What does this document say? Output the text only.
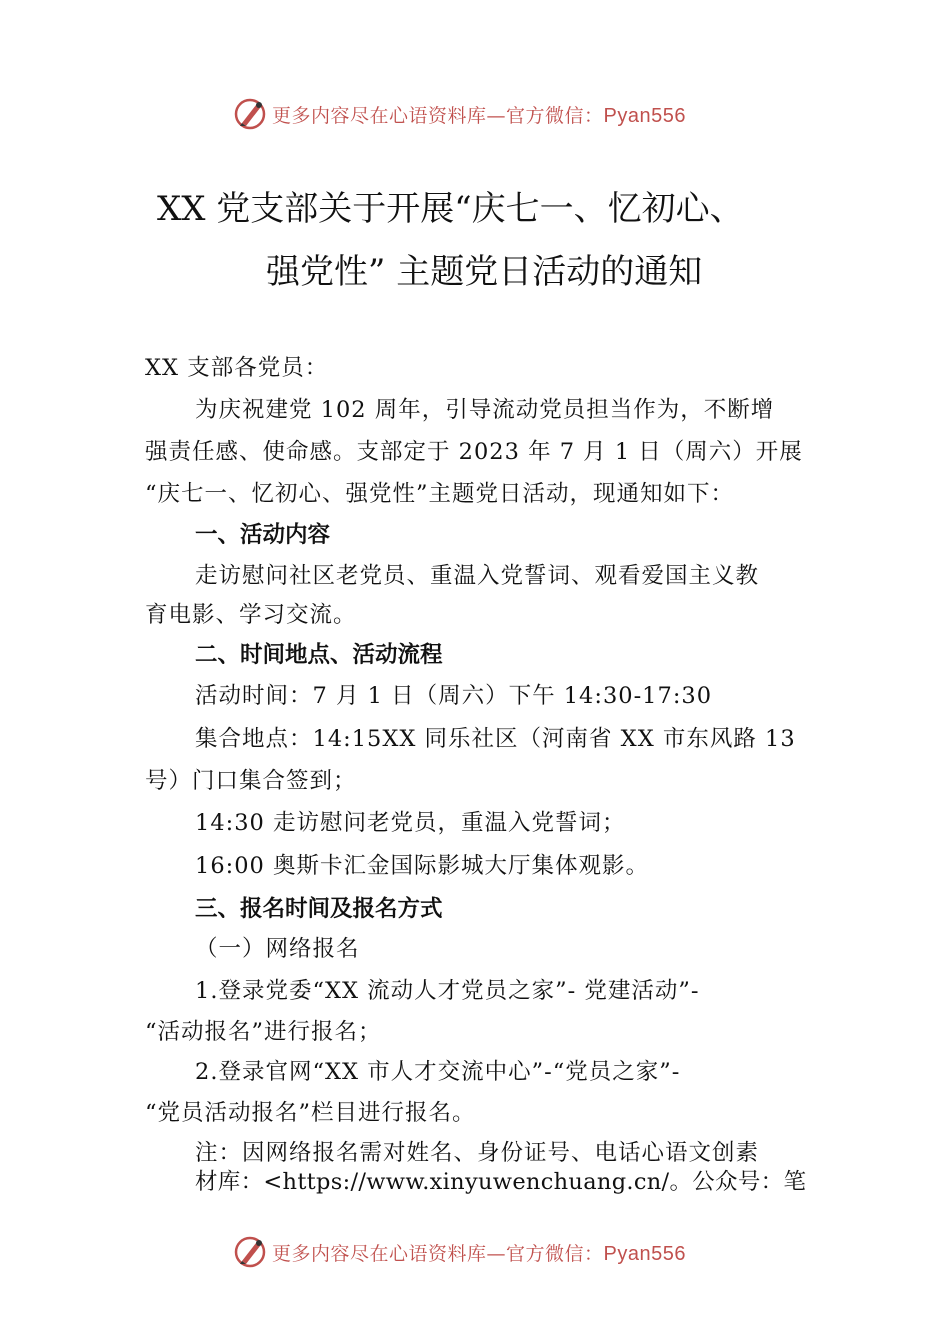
更多内容尽在心语资料库—官方微信：Pyan556
XX 党支部关于开展“庆七一、忆初心、
强党性” 主题党日活动的通知
XX 支部各党员：
为庆祝建党 102 周年，引导流动党员担当作为，不断增
强责任感、使命感。支部定于 2023 年 7 月 1 日（周六）开展
“庆七一、忆初心、强党性”主题党日活动，现通知如下：
一、活动内容
走访慰问社区老党员、重温入党誓词、观看爱国主义教
育电影、学习交流。
二、时间地点、活动流程
活动时间：7 月 1 日（周六）下午 14:30-17:30
集合地点：14:15XX 同乐社区（河南省 XX 市东风路 13
号）门口集合签到；
14:30 走访慰问老党员，重温入党誓词；
16:00 奥斯卡汇金国际影城大厅集体观影。
三、报名时间及报名方式
（一）网络报名
1.登录党委“XX 流动人才党员之家”- 党建活动”-
“活动报名”进行报名；
2.登录官网“XX 市人才交流中心”-“党员之家”-
“党员活动报名”栏目进行报名。
注：因网络报名需对姓名、身份证号、电话心语文创素
材库：<https://www.xinyuwenchuang.cn/。公众号：笔
更多内容尽在心语资料库—官方微信：Pyan556
